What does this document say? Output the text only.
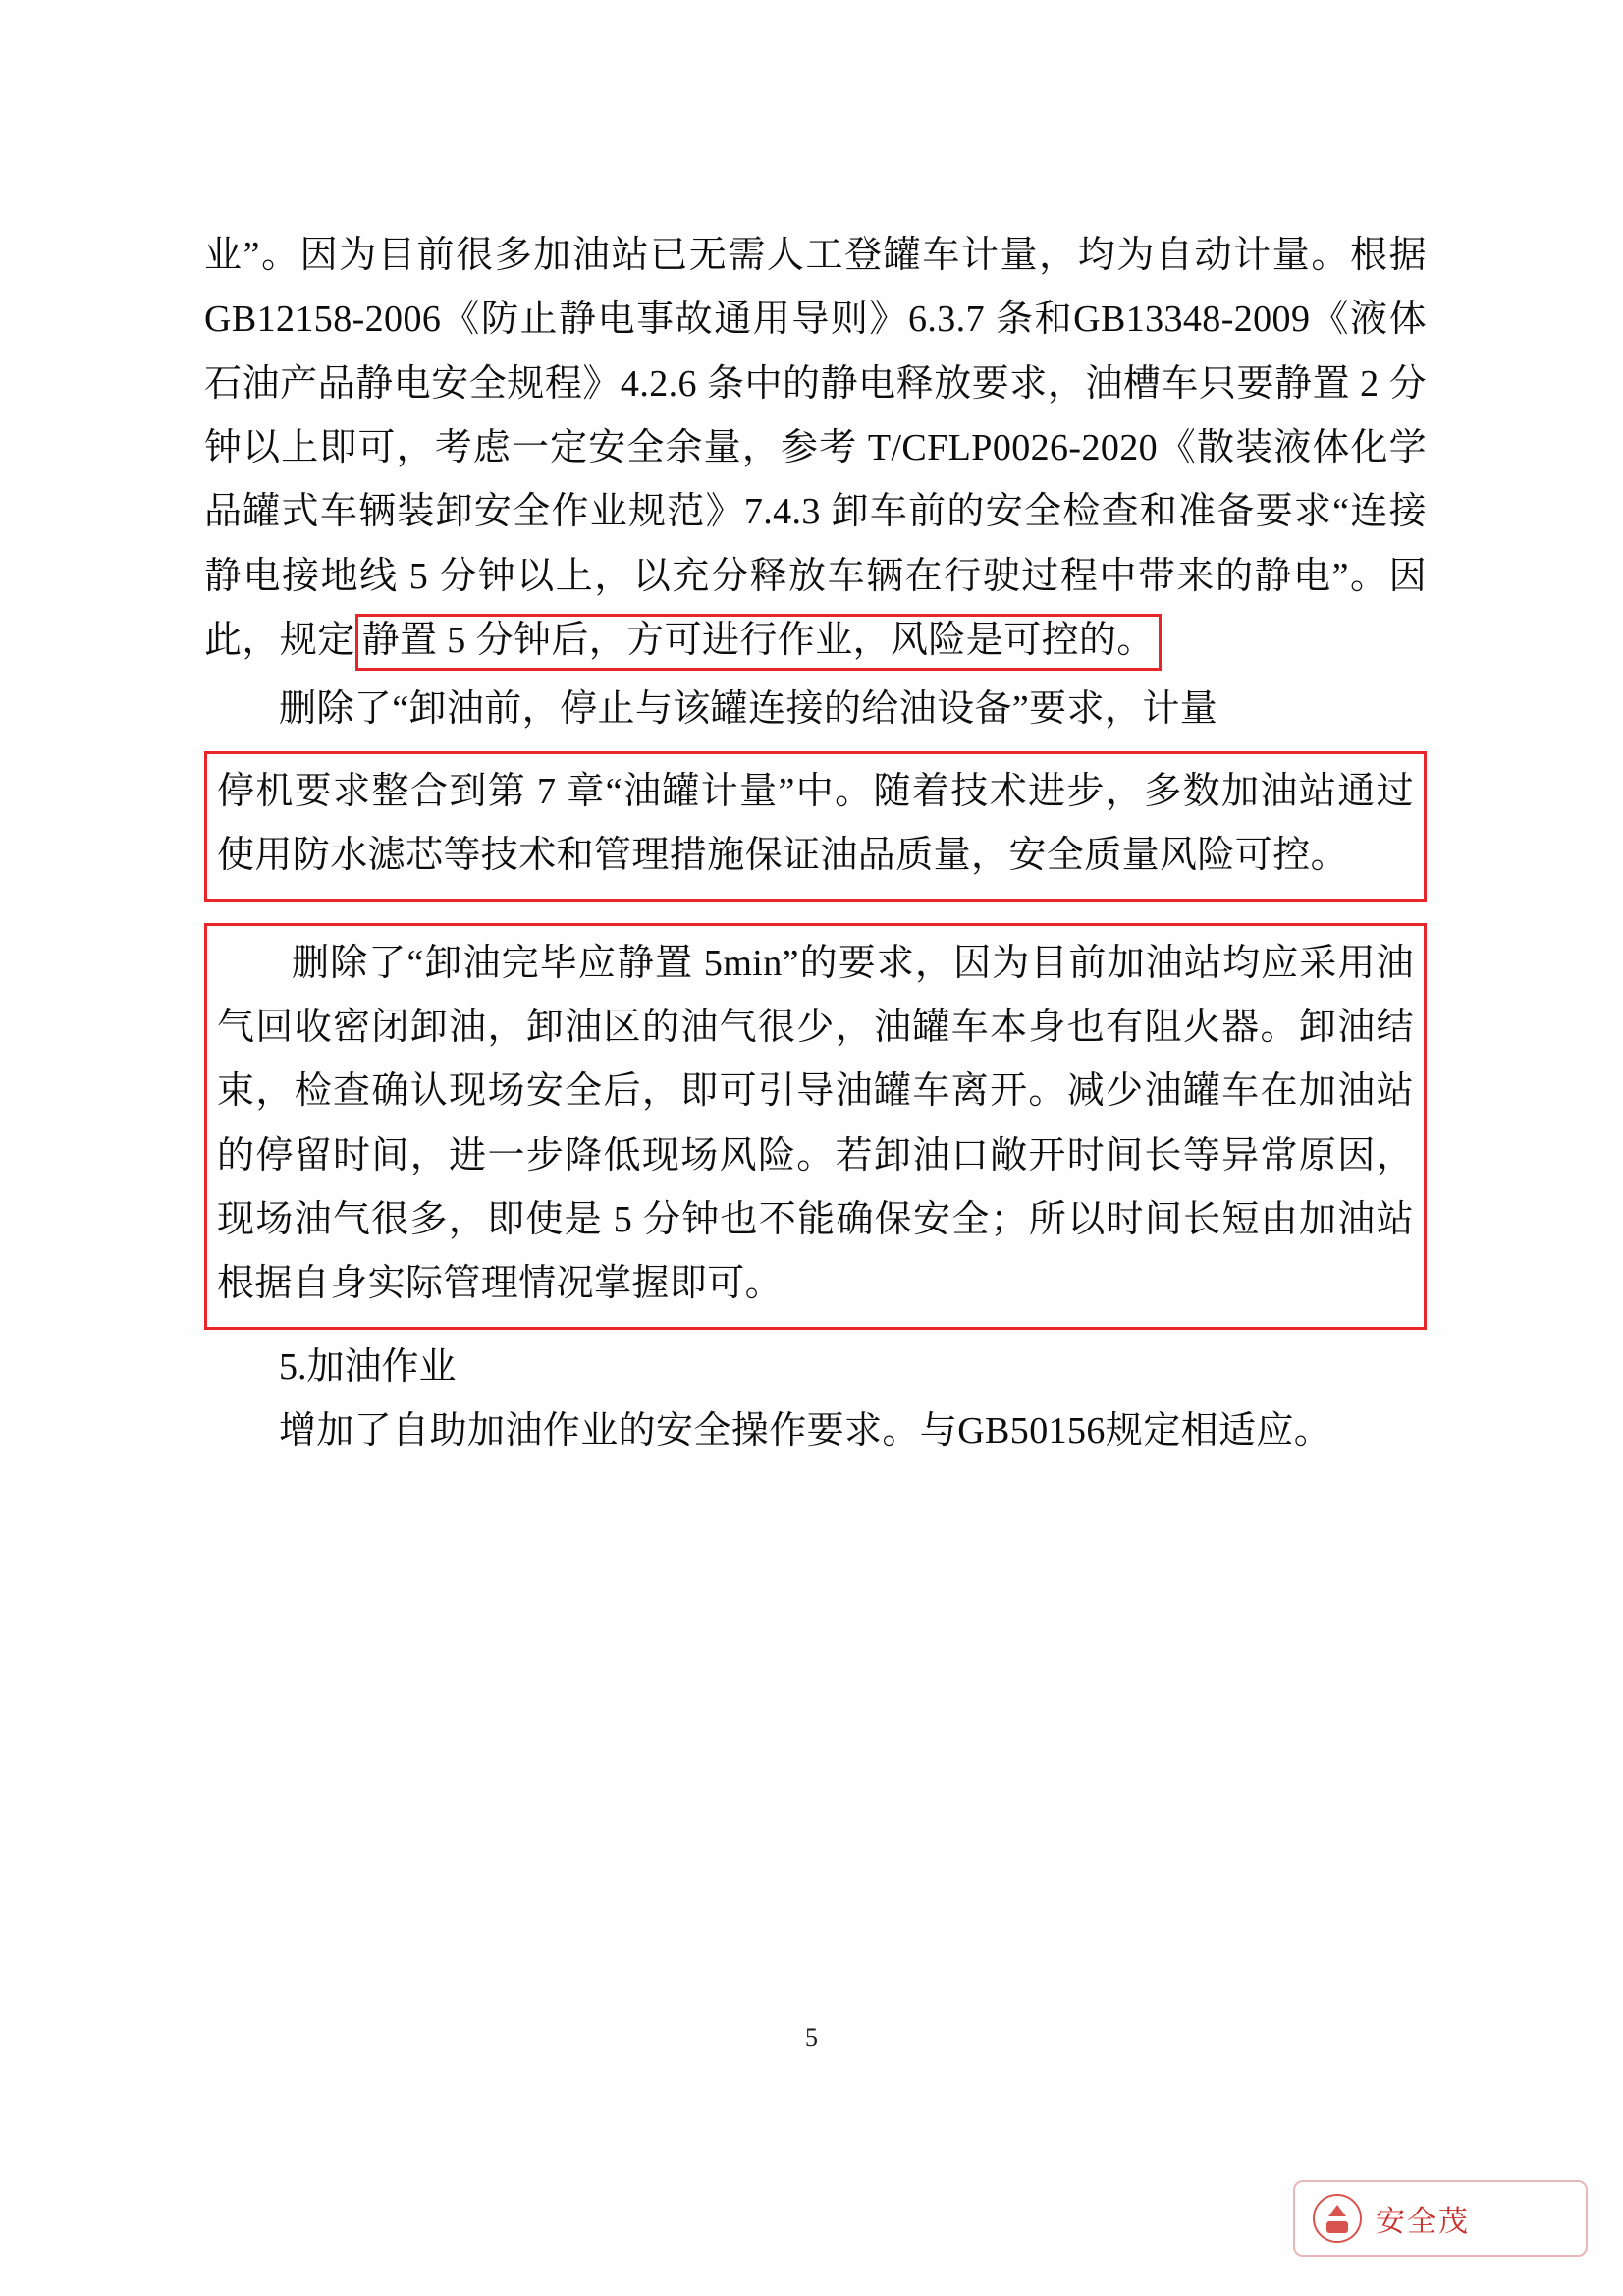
业”。因为目前很多加油站已无需人工登罐车计量，均为自动计量。根据 GB12158-2006《防止静电事故通用导则》6.3.7 条和GB13348-2009《液体石油产品静电安全规程》4.2.6 条中的静电释放要求，油槽车只要静置 2 分钟以上即可，考虑一定安全余量，参考 T/CFLP0026-2020《散装液体化学品罐式车辆装卸安全作业规范》7.4.3 卸车前的安全检查和准备要求“连接静电接地线 5 分钟以上，以充分释放车辆在行驶过程中带来的静电”。因此，规定 静置 5 分钟后，方可进行作业，风险是可控的。

删除了“卸油前，停止与该罐连接的给油设备”要求，计量

停机要求整合到第 7 章“油罐计量”中。随着技术进步，多数加油站通过使用防水滤芯等技术和管理措施保证油品质量，安全质量风险可控。

删除了“卸油完毕应静置 5min”的要求，因为目前加油站均应采用油气回收密闭卸油，卸油区的油气很少，油罐车本身也有阻火器。卸油结束，检查确认现场安全后，即可引导油罐车离开。减少油罐车在加油站的停留时间，进一步降低现场风险。若卸油口敞开时间长等异常原因，现场油气很多，即使是 5 分钟也不能确保安全；所以时间长短由加油站根据自身实际管理情况掌握即可。

5.加油作业

增加了自助加油作业的安全操作要求。与GB50156规定相适应。

5
安全茂
